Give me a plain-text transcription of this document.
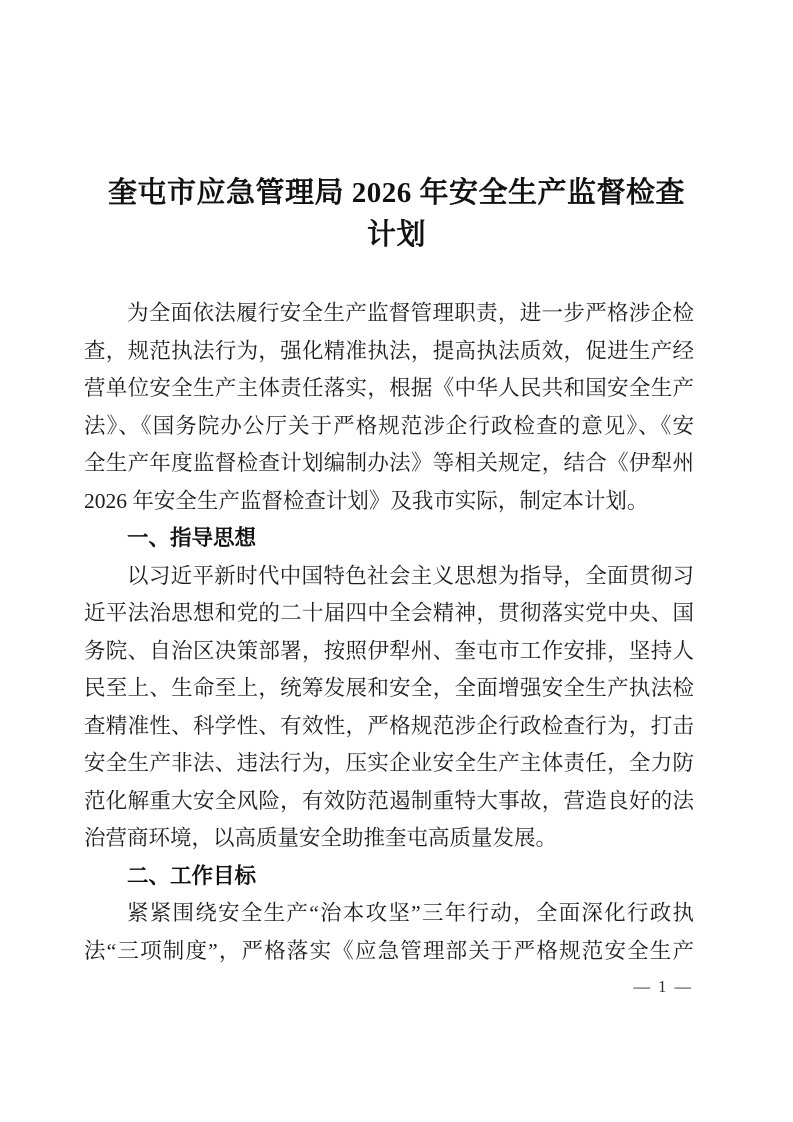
奎屯市应急管理局 2026 年安全生产监督检查
计划
为全面依法履行安全生产监督管理职责，进一步严格涉企检
查，规范执法行为，强化精准执法，提高执法质效，促进生产经
营单位安全生产主体责任落实，根据《中华人民共和国安全生产
法》、《国务院办公厅关于严格规范涉企行政检查的意见》、《安
全生产年度监督检查计划编制办法》等相关规定，结合《伊犁州
2026 年安全生产监督检查计划》及我市实际，制定本计划。
一、指导思想
以习近平新时代中国特色社会主义思想为指导，全面贯彻习
近平法治思想和党的二十届四中全会精神，贯彻落实党中央、国
务院、自治区决策部署，按照伊犁州、奎屯市工作安排，坚持人
民至上、生命至上，统筹发展和安全，全面增强安全生产执法检
查精准性、科学性、有效性，严格规范涉企行政检查行为，打击
安全生产非法、违法行为，压实企业安全生产主体责任，全力防
范化解重大安全风险，有效防范遏制重特大事故，营造良好的法
治营商环境，以高质量安全助推奎屯高质量发展。
二、工作目标
紧紧围绕安全生产“治本攻坚”三年行动，全面深化行政执
法“三项制度”，严格落实《应急管理部关于严格规范安全生产
— 1 —
